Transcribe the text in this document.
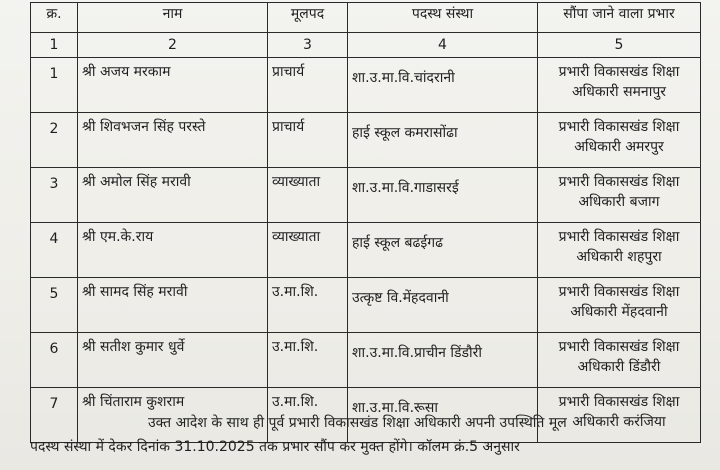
क्र.	नाम	मूलपद	पदस्थ संस्था	सौंपा जाने वाला प्रभार
1	2	3	4	5
1	श्री अजय मरकाम	प्राचार्य	शा.उ.मा.वि.चांदरानी	प्रभारी विकासखंड शिक्षा अधिकारी समनापुर
2	श्री शिवभजन सिंह परस्ते	प्राचार्य	हाई स्कूल कमरासोंढा	प्रभारी विकासखंड शिक्षा अधिकारी अमरपुर
3	श्री अमोल सिंह मरावी	व्याख्याता	शा.उ.मा.वि.गाडासरई	प्रभारी विकासखंड शिक्षा अधिकारी बजाग
4	श्री एम.के.राय	व्याख्याता	हाई स्कूल बढईगढ	प्रभारी विकासखंड शिक्षा अधिकारी शहपुरा
5	श्री सामद सिंह मरावी	उ.मा.शि.	उत्कृष्ट वि.मेंहदवानी	प्रभारी विकासखंड शिक्षा अधिकारी मेंहदवानी
6	श्री सतीश कुमार धुर्वे	उ.मा.शि.	शा.उ.मा.वि.प्राचीन डिंडौरी	प्रभारी विकासखंड शिक्षा अधिकारी डिंडौरी
7	श्री चिंताराम कुशराम	उ.मा.शि.	शा.उ.मा.वि.रूसा	प्रभारी विकासखंड शिक्षा अधिकारी करंजिया
उक्त आदेश के साथ ही पूर्व प्रभारी विकासखंड शिक्षा अधिकारी अपनी उपस्थिति मूल
पदस्थ संस्था में देकर दिनांक 31.10.2025 तक प्रभार सौंप कर मुक्त होंगे। कॉलम क्रं.5 अनुसार
